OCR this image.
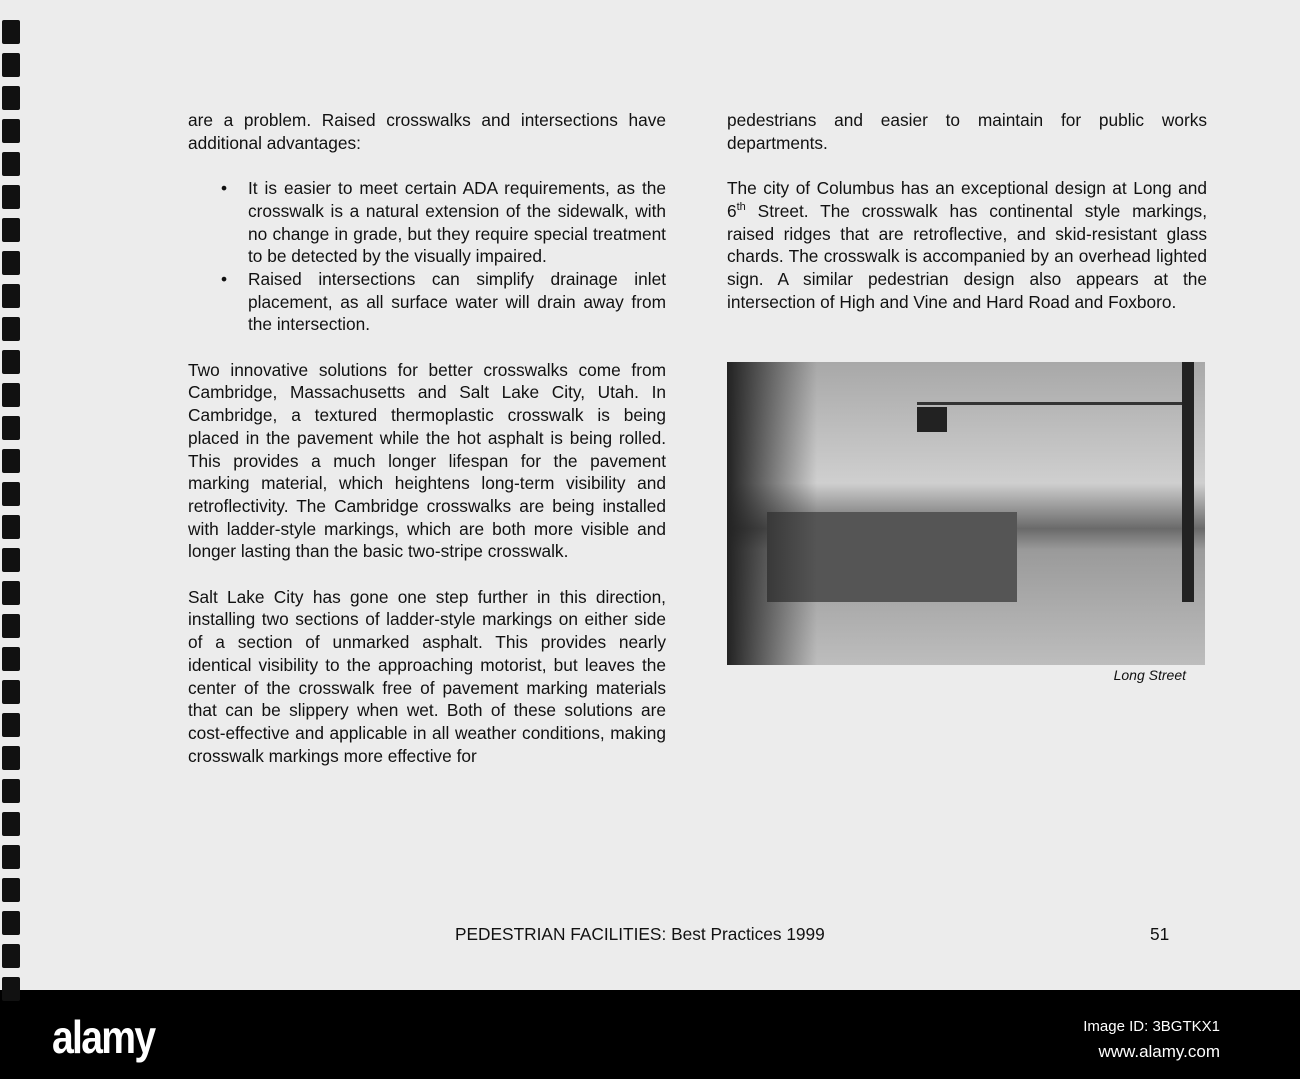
are a problem. Raised crosswalks and intersections have additional advantages:

• It is easier to meet certain ADA requirements, as the crosswalk is a natural extension of the sidewalk, with no change in grade, but they require special treatment to be detected by the visually impaired.
• Raised intersections can simplify drainage inlet placement, as all surface water will drain away from the intersection.

Two innovative solutions for better crosswalks come from Cambridge, Massachusetts and Salt Lake City, Utah. In Cambridge, a textured thermoplastic crosswalk is being placed in the pavement while the hot asphalt is being rolled. This provides a much longer lifespan for the pavement marking material, which heightens long-term visibility and retroflectivity. The Cambridge crosswalks are being installed with ladder-style markings, which are both more visible and longer lasting than the basic two-stripe crosswalk.

Salt Lake City has gone one step further in this direction, installing two sections of ladder-style markings on either side of a section of unmarked asphalt. This provides nearly identical visibility to the approaching motorist, but leaves the center of the crosswalk free of pavement marking materials that can be slippery when wet. Both of these solutions are cost-effective and applicable in all weather conditions, making crosswalk markings more effective for

pedestrians and easier to maintain for public works departments.

The city of Columbus has an exceptional design at Long and 6th Street. The crosswalk has continental style markings, raised ridges that are retroflective, and skid-resistant glass chards. The crosswalk is accompanied by an overhead lighted sign. A similar pedestrian design also appears at the intersection of High and Vine and Hard Road and Foxboro.

Long Street
PEDESTRIAN FACILITIES: Best Practices 1999	51
alamy	Image ID: 3BGTKX1
www.alamy.com
